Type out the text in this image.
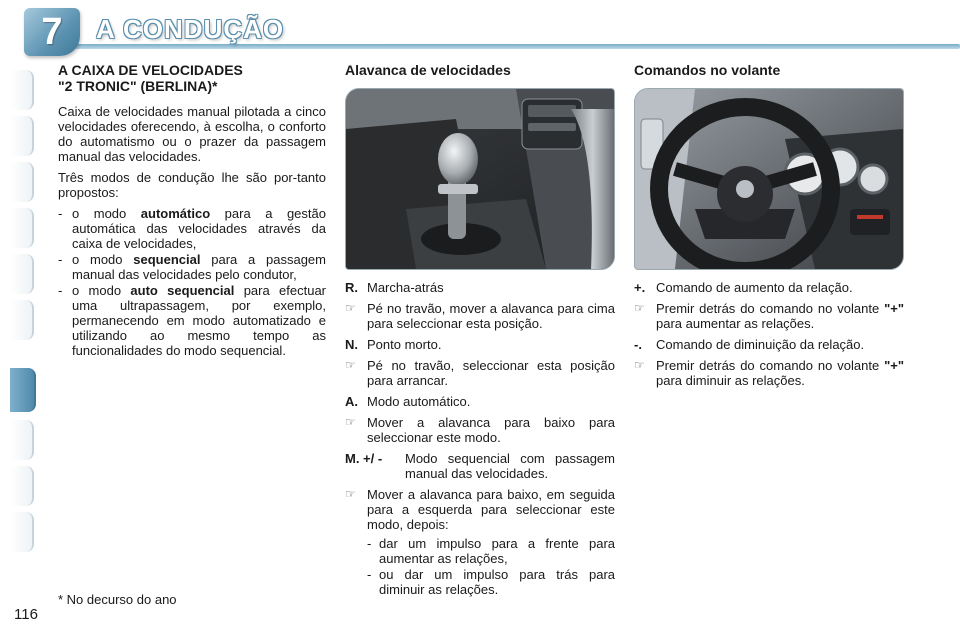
7	A CONDUÇÃO
A CAIXA DE VELOCIDADES
"2 TRONIC" (BERLINA)*

Caixa de velocidades manual pilotada a cinco velocidades oferecendo, à escolha, o conforto do automatismo ou o prazer da passagem manual das velocidades.

Três modos de condução lhe são por-tanto propostos:

- o modo automático para a gestão automática das velocidades através da caixa de velocidades,
- o modo sequencial para a passagem manual das velocidades pelo condutor,
- o modo auto sequencial para efectuar uma ultrapassagem, por exemplo, permanecendo em modo automatizado e utilizando ao mesmo tempo as funcionalidades do modo sequencial.
Alavanca de velocidades
R. Marcha-atrás
☞ Pé no travão, mover a alavanca para cima para seleccionar esta posição.
N. Ponto morto.
☞ Pé no travão, seleccionar esta posição para arrancar.
A. Modo automático.
☞ Mover a alavanca para baixo para seleccionar este modo.
M. +/ -	Modo sequencial com passagem manual das velocidades.
☞ Mover a alavanca para baixo, em seguida para a esquerda para seleccionar este modo, depois:
- dar um impulso para a frente para aumentar as relações,
- ou dar um impulso para trás para diminuir as relações.
Comandos no volante
+. Comando de aumento da relação.
☞ Premir detrás do comando no volante "+" para aumentar as relações.
-.	Comando de diminuição da relação.
☞ Premir detrás do comando no volante "+" para diminuir as relações.
* No decurso do ano
116
